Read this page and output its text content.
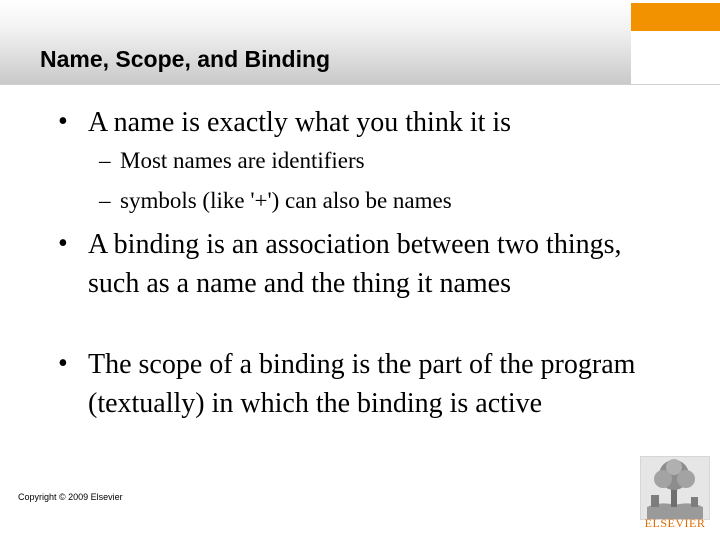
Name, Scope, and Binding
• A name is exactly what you think it is
– Most names are identifiers
– symbols (like '+') can also be names
• A binding is an association between two things, such as a name and the thing it names
• The scope of a binding is the part of the program (textually) in which the binding is active
Copyright © 2009 Elsevier
ELSEVIER
